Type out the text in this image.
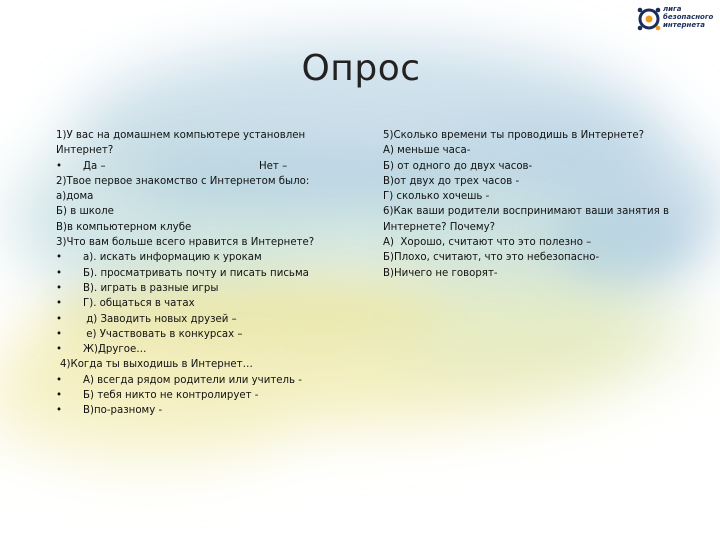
лига
безопасного
интернета
Опрос
1)У вас на домашнем компьютере установлен
Интернет?
• Да –	Нет –
2)Твое первое знакомство с Интернетом было:
а)дома
Б) в школе
В)в компьютерном клубе
3)Что вам больше всего нравится в Интернете?
• а). искать информацию к урокам
• Б). просматривать почту и писать письма
• В). играть в разные игры
• Г). общаться в чатах
• д) Заводить новых друзей –
• е) Участвовать в конкурсах –
• Ж)Другое…
4)Когда ты выходишь в Интернет…
• А) всегда рядом родители или учитель -
• Б) тебя никто не контролирует -
• В)по-разному -
5)Сколько времени ты проводишь в Интернете?
А) меньше часа-
Б) от одного до двух часов-
В)от двух до трех часов -
Г) сколько хочешь -
6)Как ваши родители воспринимают ваши занятия в
Интернете? Почему?
А)  Хорошо, считают что это полезно –
Б)Плохо, считают, что это небезопасно-
В)Ничего не говорят-
